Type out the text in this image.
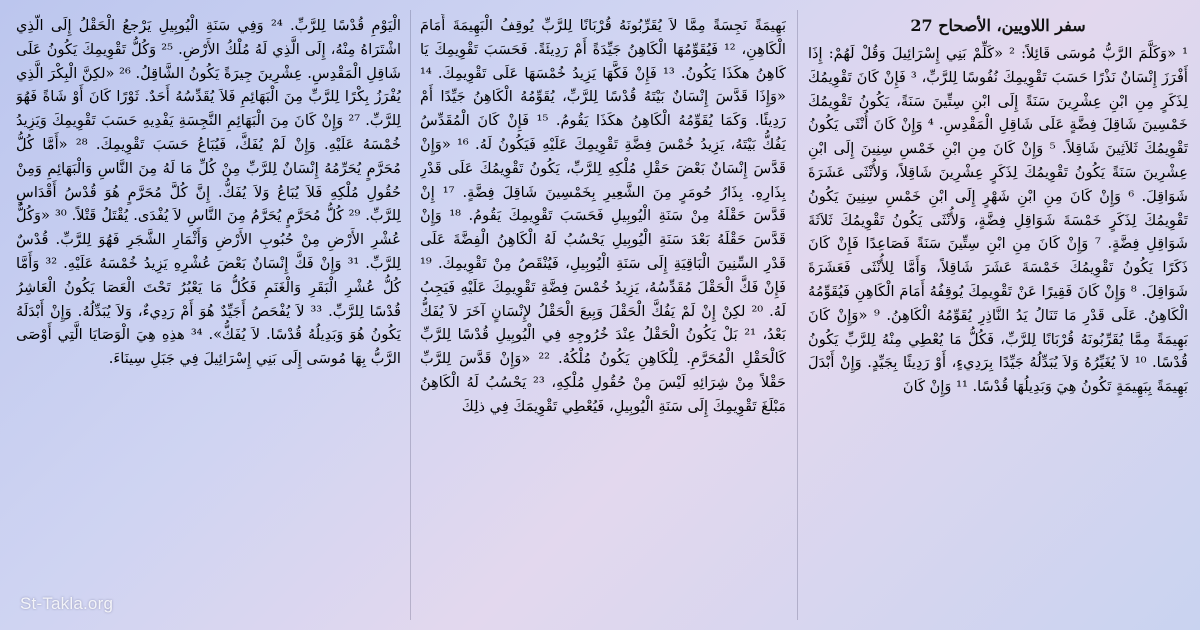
سفر اللاويين، الأصحاح 27
¹ «وَكَلَّمَ الرَّبُّ مُوسَى قَائِلاً: ² «كَلِّمْ بَنِي إِسْرَائِيلَ وَقُلْ لَهُمْ: إِذَا أَفْرَزَ إِنْسَانٌ نَذْرًا حَسَبَ تَقْوِيمِكَ نُفُوسًا لِلرَّبِّ، ³ فَإِنْ كَانَ تَقْوِيمُكَ لِذَكَرٍ مِنِ ابْنِ عِشْرِينَ سَنَةً إِلَى ابْنِ سِتِّينَ سَنَةً، يَكُونُ تَقْوِيمُكَ خَمْسِينَ شَاقِلَ فِضَّةٍ عَلَى شَاقِلِ الْمَقْدِسِ. ⁴ وَإِنْ كَانَ أُنْثَى يَكُونُ تَقْوِيمُكَ ثَلاَثِينَ شَاقِلاً. ⁵ وَإِنْ كَانَ مِنِ ابْنِ خَمْسِ سِنِينَ إِلَى ابْنِ عِشْرِينَ سَنَةً يَكُونُ تَقْوِيمُكَ لِذَكَرٍ عِشْرِينَ شَاقِلاً، وَلأُنْثَى عَشَرَةَ شَوَاقِلَ. ⁶ وَإِنْ كَانَ مِنِ ابْنِ شَهْرٍ إِلَى ابْنِ خَمْسِ سِنِينَ يَكُونُ تَقْوِيمُكَ لِذَكَرٍ خَمْسَةَ شَوَاقِلِ فِضَّةٍ، وَلأُنْثَى يَكُونُ تَقْوِيمُكَ ثَلاَثَةَ شَوَاقِلِ فِضَّةٍ. ⁷ وَإِنْ كَانَ مِنِ ابْنِ سِتِّينَ سَنَةً فَصَاعِدًا فَإِنْ كَانَ ذَكَرًا يَكُونُ تَقْوِيمُكَ خَمْسَةَ عَشَرَ شَاقِلاً، وَأَمَّا لِلأُنْثَى فَعَشَرَةَ شَوَاقِلَ. ⁸ وَإِنْ كَانَ فَقِيرًا عَنْ تَقْوِيمِكَ يُوقِفُهُ أَمَامَ الْكَاهِنِ فَيُقَوِّمُهُ الْكَاهِنُ. عَلَى قَدْرِ مَا تَنَالُ يَدُ النَّاذِرِ يُقَوِّمُهُ الْكَاهِنُ. ⁹ «وَإِنْ كَانَ بَهِيمَةً مِمَّا يُقَرِّبُونَهُ قُرْبَانًا لِلرَّبِّ، فَكُلُّ مَا يُعْطِي مِنْهُ لِلرَّبِّ يَكُونُ قُدْسًا. ¹⁰ لاَ يُغَيِّرُهُ وَلاَ يُبَدِّلُهُ جَيِّدًا بِرَدِيءٍ، أَوْ رَدِيئًا بِجَيِّدٍ. وَإِنْ أَبْدَلَ بَهِيمَةً بِبَهِيمَةٍ تَكُونُ هِيَ وَبَدِيلُهَا قُدْسًا. ¹¹ وَإِنْ كَانَ
بَهِيمَةً نَجِسَةً مِمَّا لاَ يُقَرِّبُونَهُ قُرْبَانًا لِلرَّبِّ يُوقِفُ الْبَهِيمَةَ أَمَامَ الْكَاهِنِ، ¹² فَيُقَوِّمُهَا الْكَاهِنُ جَيِّدَةً أَمْ رَدِيئَةً. فَحَسَبَ تَقْوِيمِكَ يَا كَاهِنُ هكَذَا يَكُونُ. ¹³ فَإِنْ فَكَّهَا يَزِيدُ خُمْسَهَا عَلَى تَقْوِيمِكَ. ¹⁴ «وَإِذَا قَدَّسَ إِنْسَانٌ بَيْتَهُ قُدْسًا لِلرَّبِّ، يُقَوِّمُهُ الْكَاهِنُ جَيِّدًا أَمْ رَدِيئًا. وَكَمَا يُقَوِّمُهُ الْكَاهِنُ هكَذَا يَقُومُ. ¹⁵ فَإِنْ كَانَ الْمُقَدِّسُ يَفُكُّ بَيْتَهُ، يَزِيدُ خُمْسَ فِضَّةِ تَقْوِيمِكَ عَلَيْهِ فَيَكُونُ لَهُ. ¹⁶ «وَإِنْ قَدَّسَ إِنْسَانٌ بَعْضَ حَقْلِ مُلْكِهِ لِلرَّبِّ، يَكُونُ تَقْوِيمُكَ عَلَى قَدْرِ بِذَارِهِ. بِذَارُ حُومَرٍ مِنَ الشَّعِيرِ بِخَمْسِينَ شَاقِلَ فِضَّةٍ. ¹⁷ إِنْ قَدَّسَ حَقْلَهُ مِنْ سَنَةِ الْيُوبِيلِ فَحَسَبَ تَقْوِيمِكَ يَقُومُ. ¹⁸ وَإِنْ قَدَّسَ حَقْلَهُ بَعْدَ سَنَةِ الْيُوبِيلِ يَحْسُبُ لَهُ الْكَاهِنُ الْفِضَّةَ عَلَى قَدْرِ السِّنِينَ الْبَاقِيَةِ إِلَى سَنَةِ الْيُوبِيلِ، فَيُنْقَصُ مِنْ تَقْوِيمِكَ. ¹⁹ فَإِنْ فَكَّ الْحَقْلَ مُقَدِّسُهُ، يَزِيدُ خُمْسَ فِضَّةِ تَقْوِيمِكَ عَلَيْهِ فَيَجِبُ لَهُ. ²⁰ لكِنْ إِنْ لَمْ يَفُكَّ الْحَقْلَ وَبِيعَ الْحَقْلُ لإِنْسَانٍ آخَرَ لاَ يُفَكُّ بَعْدُ، ²¹ بَلْ يَكُونُ الْحَقْلُ عِنْدَ خُرُوجِهِ فِي الْيُوبِيلِ قُدْسًا لِلرَّبِّ كَالْحَقْلِ الْمُحَرَّمِ. لِلْكَاهِنِ يَكُونُ مُلْكُهُ. ²² «وَإِنْ قَدَّسَ لِلرَّبِّ حَقْلاً مِنْ شِرَائِهِ لَيْسَ مِنْ حُقُولِ مُلْكِهِ، ²³ يَحْسُبُ لَهُ الْكَاهِنُ مَبْلَغَ تَقْوِيمِكَ إِلَى سَنَةِ الْيُوبِيلِ، فَيُعْطِي تَقْوِيمَكَ فِي ذلِكَ
الْيَوْمِ قُدْسًا لِلرَّبِّ. ²⁴ وَفِي سَنَةِ الْيُوبِيلِ يَرْجعُ الْحَقْلُ إِلَى الَّذِي اشْتَرَاهُ مِنْهُ، إِلَى الَّذِي لَهُ مُلْكُ الأَرْضِ. ²⁵ وَكُلُّ تَقْوِيمِكَ يَكُونُ عَلَى شَاقِلِ الْمَقْدِسِ. عِشْرِينَ جِيرَةً يَكُونُ الشَّاقِلُ. ²⁶ «لكِنَّ الْبِكْرَ الَّذِي يُفْرَزُ بِكْرًا لِلرَّبِّ مِنَ الْبَهَائِمِ فَلاَ يُقَدِّسُهُ أَحَدٌ. ثَوْرًا كَانَ أَوْ شَاةً فَهُوَ لِلرَّبِّ. ²⁷ وَإِنْ كَانَ مِنَ الْبَهَائِمِ النَّجِسَةِ يَفْدِيهِ حَسَبَ تَقْوِيمِكَ وَيَزِيدُ خُمْسَهُ عَلَيْهِ. وَإِنْ لَمْ يُفَكَّ، فَيُبَاعُ حَسَبَ تَقْوِيمِكَ. ²⁸ «أَمَّا كُلُّ مُحَرَّمٍ يُحَرِّمُهُ إِنْسَانٌ لِلرَّبِّ مِنْ كُلِّ مَا لَهُ مِنَ النَّاسِ وَالْبَهَائِمِ وَمِنْ حُقُولِ مُلْكِهِ فَلاَ يُبَاعُ وَلاَ يُفَكُّ. إِنَّ كُلَّ مُحَرَّمٍ هُوَ قُدْسُ أَقْدَاسٍ لِلرَّبِّ. ²⁹ كُلُّ مُحَرَّمٍ يُحَرَّمُ مِنَ النَّاسِ لاَ يُفْدَى. يُقْتَلُ قَتْلاً. ³⁰ «وَكُلُّ عُشْرِ الأَرْضِ مِنْ حُبُوبِ الأَرْضِ وَأَثْمَارِ الشَّجَرِ فَهُوَ لِلرَّبِّ. قُدْسٌ لِلرَّبِّ. ³¹ وَإِنْ فَكَّ إِنْسَانٌ بَعْضَ عُشْرِهِ يَزِيدُ خُمْسَهُ عَلَيْهِ. ³² وَأَمَّا كُلُّ عُشْرِ الْبَقَرِ وَالْغَنَمِ فَكُلُّ مَا يَعْبُرُ تَحْتَ الْعَصَا يَكُونُ الْعَاشِرُ قُدْسًا لِلرَّبِّ. ³³ لاَ يُفْحَصُ أَجَيِّدٌ هُوَ أَمْ رَدِيءٌ، وَلاَ يُبَدِّلُهُ. وَإِنْ أَبْدَلَهُ يَكُونُ هُوَ وَبَدِيلُهُ قُدْسًا. لاَ يُفَكُّ». ³⁴ هذِهِ هِيَ الْوَصَايَا الَّتِي أَوْصَى الرَّبُّ بِهَا مُوسَى إِلَى بَنِي إِسْرَائِيلَ فِي جَبَلِ سِينَاءَ.
St-Takla.org
